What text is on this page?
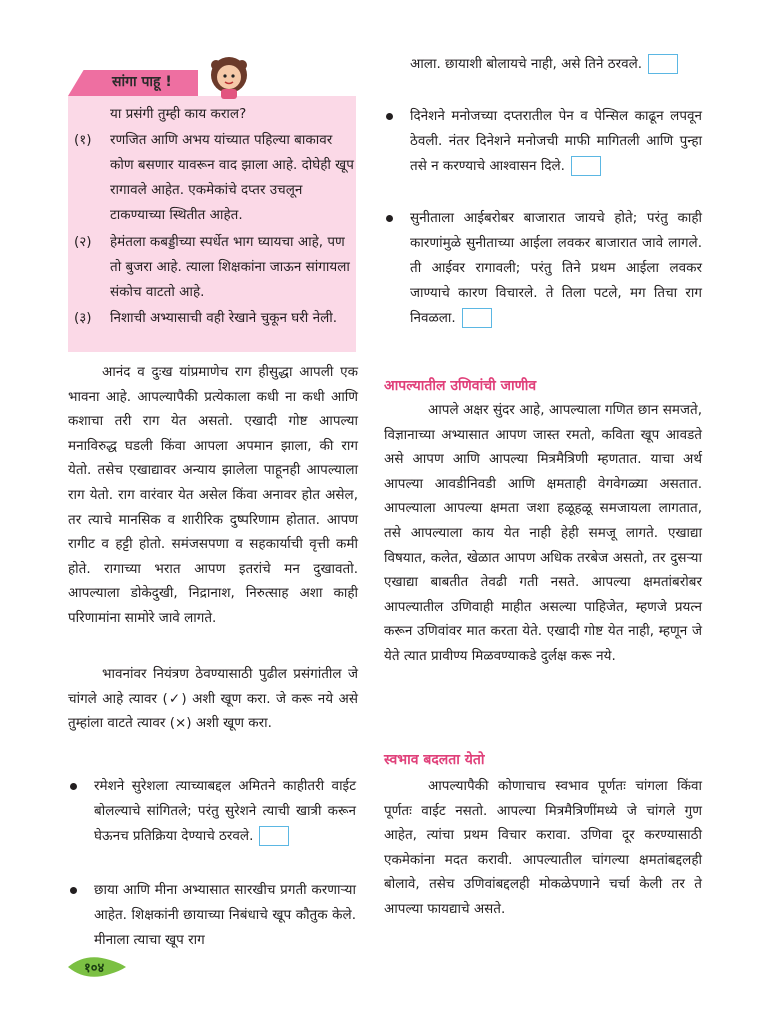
सांगा पाहू !
या प्रसंगी तुम्ही काय कराल?
(१) रणजित आणि अभय यांच्यात पहिल्या बाकावर कोण बसणार यावरून वाद झाला आहे. दोघेही खूप रागावले आहेत. एकमेकांचे दप्तर उचलून टाकण्याच्या स्थितीत आहेत.
(२) हेमंतला कबड्डीच्या स्पर्धेत भाग घ्यायचा आहे, पण तो बुजरा आहे. त्याला शिक्षकांना जाऊन सांगायला संकोच वाटतो आहे.
(३) निशाची अभ्यासाची वही रेखाने चुकून घरी नेली.
आनंद व दुःख यांप्रमाणेच राग हीसुद्धा आपली एक भावना आहे. आपल्यापैकी प्रत्येकाला कधी ना कधी आणि कशाचा तरी राग येत असतो. एखादी गोष्ट आपल्या मनाविरुद्ध घडली किंवा आपला अपमान झाला, की राग येतो. तसेच एखाद्यावर अन्याय झालेला पाहूनही आपल्याला राग येतो. राग वारंवार येत असेल किंवा अनावर होत असेल, तर त्याचे मानसिक व शारीरिक दुष्परिणाम होतात. आपण रागीट व हट्टी होतो. समंजसपणा व सहकार्याची वृत्ती कमी होते. रागाच्या भरात आपण इतरांचे मन दुखावतो. आपल्याला डोकेदुखी, निद्रानाश, निरुत्साह अशा काही परिणामांना सामोरे जावे लागते.
भावनांवर नियंत्रण ठेवण्यासाठी पुढील प्रसंगांतील जे चांगले आहे त्यावर (✓) अशी खूण करा. जे करू नये असे तुम्हांला वाटते त्यावर (×) अशी खूण करा.
रमेशने सुरेशला त्याच्याबद्दल अमितने काहीतरी वाईट बोलल्याचे सांगितले; परंतु सुरेशने त्याची खात्री करून घेऊनच प्रतिक्रिया देण्याचे ठरवले.
छाया आणि मीना अभ्यासात सारखीच प्रगती करणाऱ्या आहेत. शिक्षकांनी छायाच्या निबंधाचे खूप कौतुक केले. मीनाला त्याचा खूप राग
आला. छायाशी बोलायचे नाही, असे तिने ठरवले.
दिनेशने मनोजच्या दप्तरातील पेन व पेन्सिल काढून लपवून ठेवली. नंतर दिनेशने मनोजची माफी मागितली आणि पुन्हा तसे न करण्याचे आश्वासन दिले.
सुनीताला आईबरोबर बाजारात जायचे होते; परंतु काही कारणांमुळे सुनीताच्या आईला लवकर बाजारात जावे लागले. ती आईवर रागावली; परंतु तिने प्रथम आईला लवकर जाण्याचे कारण विचारले. ते तिला पटले, मग तिचा राग निवळला.
आपल्यातील उणिवांची जाणीव
आपले अक्षर सुंदर आहे, आपल्याला गणित छान समजते, विज्ञानाच्या अभ्यासात आपण जास्त रमतो, कविता खूप आवडते असे आपण आणि आपल्या मित्रमैत्रिणी म्हणतात. याचा अर्थ आपल्या आवडीनिवडी आणि क्षमताही वेगवेगळ्या असतात. आपल्याला आपल्या क्षमता जशा हळूहळू समजायला लागतात, तसे आपल्याला काय येत नाही हेही समजू लागते. एखाद्या विषयात, कलेत, खेळात आपण अधिक तरबेज असतो, तर दुसऱ्या एखाद्या बाबतीत तेवढी गती नसते. आपल्या क्षमतांबरोबर आपल्यातील उणिवाही माहीत असल्या पाहिजेत, म्हणजे प्रयत्न करून उणिवांवर मात करता येते. एखादी गोष्ट येत नाही, म्हणून जे येते त्यात प्रावीण्य मिळवण्याकडे दुर्लक्ष करू नये.
स्वभाव बदलता येतो
आपल्यापैकी कोणाचाच स्वभाव पूर्णतः चांगला किंवा पूर्णतः वाईट नसतो. आपल्या मित्रमैत्रिणींमध्ये जे चांगले गुण आहेत, त्यांचा प्रथम विचार करावा. उणिवा दूर करण्यासाठी एकमेकांना मदत करावी. आपल्यातील चांगल्या क्षमतांबद्दलही बोलावे, तसेच उणिवांबद्दलही मोकळेपणाने चर्चा केली तर ते आपल्या फायद्याचे असते.
१०४
